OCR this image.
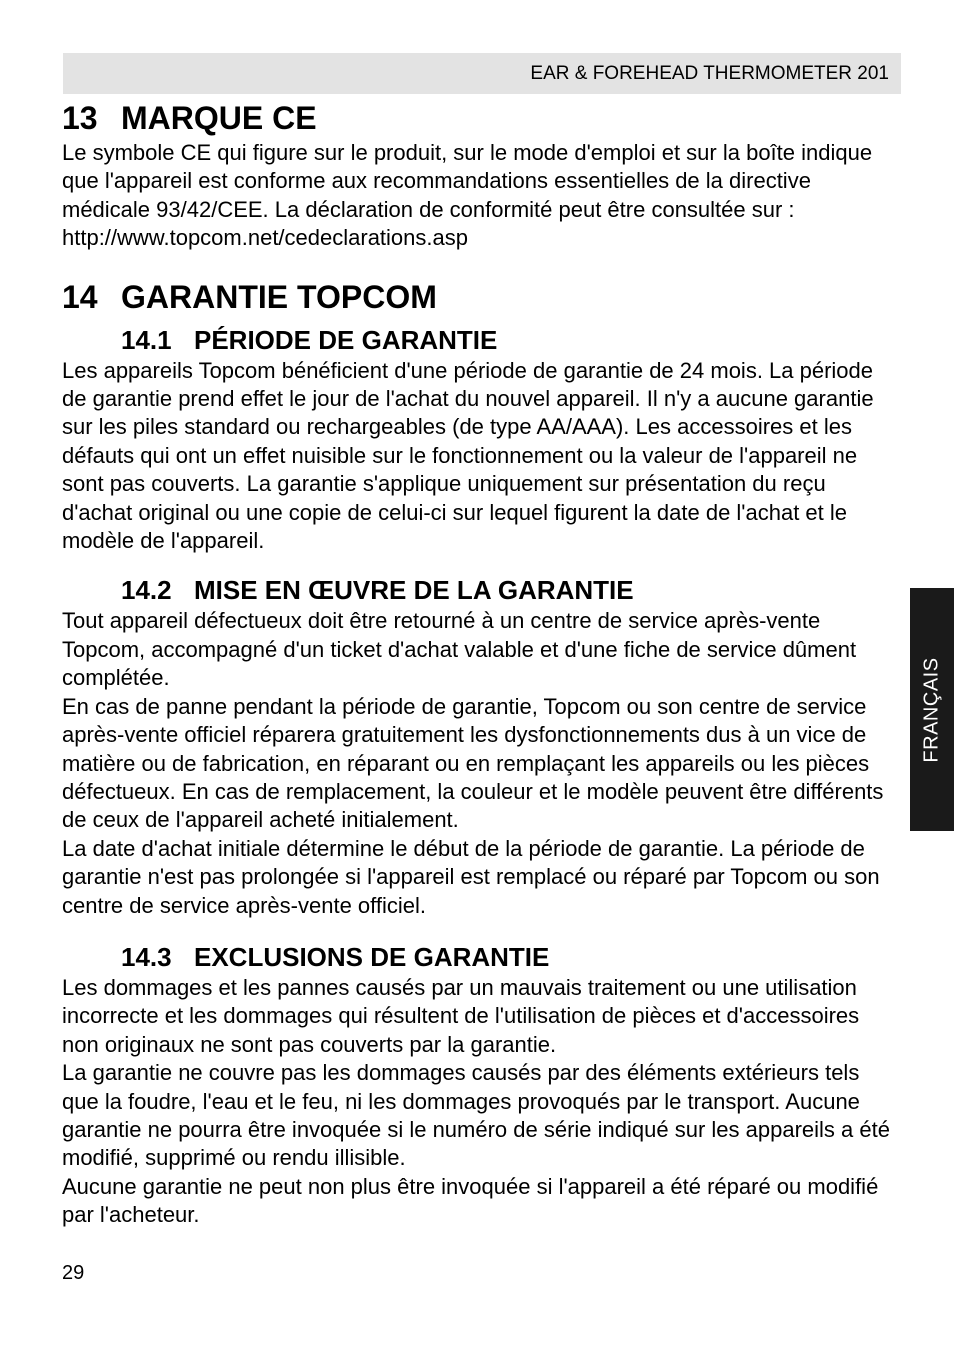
EAR & FOREHEAD THERMOMETER 201
13 MARQUE CE

Le symbole CE qui figure sur le produit, sur le mode d'emploi et sur la boîte indique que l'appareil est conforme aux recommandations essentielles de la directive médicale 93/42/CEE. La déclaration de conformité peut être consultée sur : http://www.topcom.net/cedeclarations.asp

14 GARANTIE TOPCOM
14.1 PÉRIODE DE GARANTIE

Les appareils Topcom bénéficient d'une période de garantie de 24 mois. La période de garantie prend effet le jour de l'achat du nouvel appareil. Il n'y a aucune garantie sur les piles standard ou rechargeables (de type AA/AAA). Les accessoires et les défauts qui ont un effet nuisible sur le fonctionnement ou la valeur de l'appareil ne sont pas couverts. La garantie s'applique uniquement sur présentation du reçu d'achat original ou une copie de celui-ci sur lequel figurent la date de l'achat et le modèle de l'appareil.

14.2 MISE EN ŒUVRE DE LA GARANTIE

Tout appareil défectueux doit être retourné à un centre de service après-vente Topcom, accompagné d'un ticket d'achat valable et d'une fiche de service dûment complétée.

En cas de panne pendant la période de garantie, Topcom ou son centre de service après-vente officiel réparera gratuitement les dysfonctionnements dus à un vice de matière ou de fabrication, en réparant ou en remplaçant les appareils ou les pièces défectueux. En cas de remplacement, la couleur et le modèle peuvent être différents de ceux de l'appareil acheté initialement.

La date d'achat initiale détermine le début de la période de garantie. La période de garantie n'est pas prolongée si l'appareil est remplacé ou réparé par Topcom ou son centre de service après-vente officiel.

14.3 EXCLUSIONS DE GARANTIE

Les dommages et les pannes causés par un mauvais traitement ou une utilisation incorrecte et les dommages qui résultent de l'utilisation de pièces et d'accessoires non originaux ne sont pas couverts par la garantie.

La garantie ne couvre pas les dommages causés par des éléments extérieurs tels que la foudre, l'eau et le feu, ni les dommages provoqués par le transport. Aucune garantie ne pourra être invoquée si le numéro de série indiqué sur les appareils a été modifié, supprimé ou rendu illisible.

Aucune garantie ne peut non plus être invoquée si l'appareil a été réparé ou modifié par l'acheteur.

29
FRANÇAIS
